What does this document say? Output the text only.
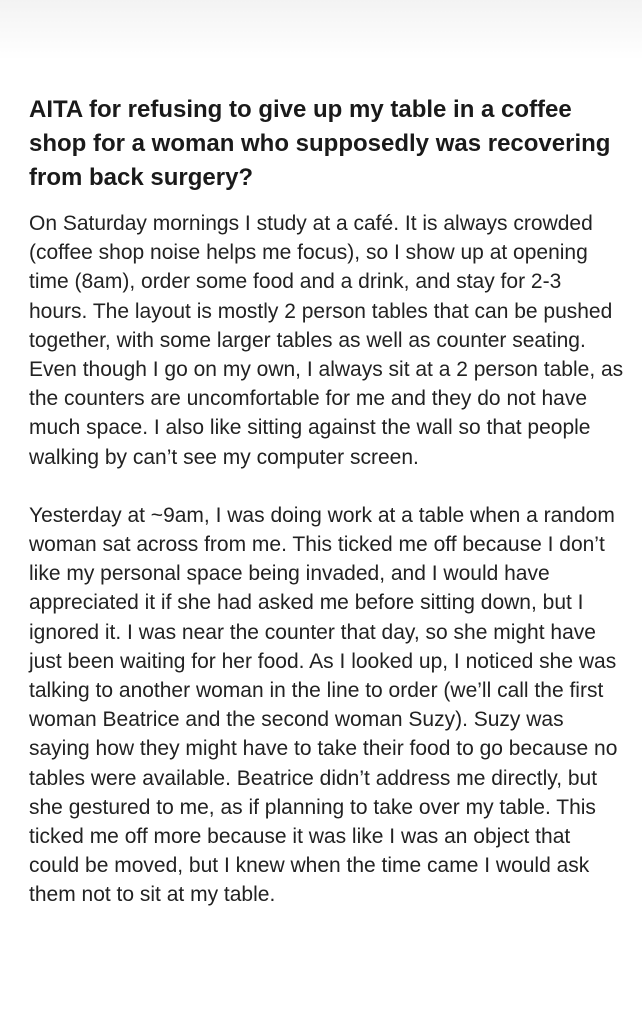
AITA for refusing to give up my table in a coffee shop for a woman who supposedly was recovering from back surgery?

On Saturday mornings I study at a café. It is always crowded (coffee shop noise helps me focus), so I show up at opening time (8am), order some food and a drink, and stay for 2-3 hours. The layout is mostly 2 person tables that can be pushed together, with some larger tables as well as counter seating. Even though I go on my own, I always sit at a 2 person table, as the counters are uncomfortable for me and they do not have much space. I also like sitting against the wall so that people walking by can’t see my computer screen.

Yesterday at ~9am, I was doing work at a table when a random woman sat across from me. This ticked me off because I don’t like my personal space being invaded, and I would have appreciated it if she had asked me before sitting down, but I ignored it. I was near the counter that day, so she might have just been waiting for her food. As I looked up, I noticed she was talking to another woman in the line to order (we’ll call the first woman Beatrice and the second woman Suzy). Suzy was saying how they might have to take their food to go because no tables were available. Beatrice didn’t address me directly, but she gestured to me, as if planning to take over my table. This ticked me off more because it was like I was an object that could be moved, but I knew when the time came I would ask them not to sit at my table.
